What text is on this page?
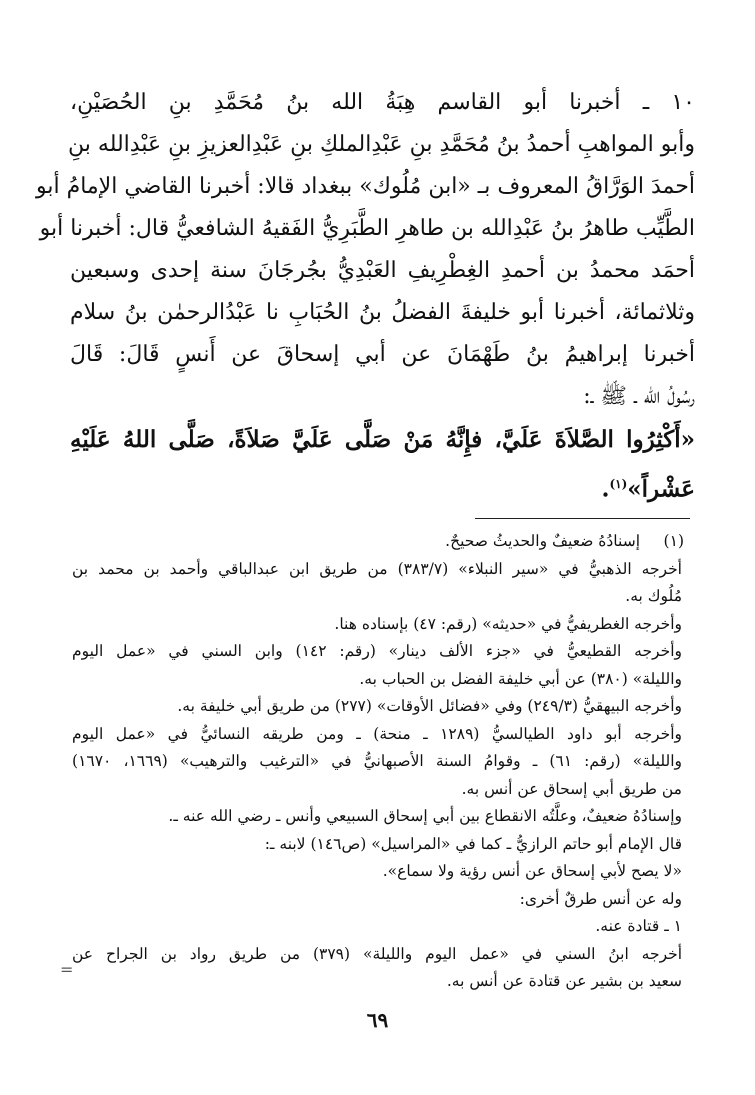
١٠ ـ أخبرنا أبو القاسم هِبَةُ الله بنُ مُحَمَّدِ بنِ الحُصَيْنِ،
وأبو المواهبِ أحمدُ بنُ مُحَمَّدِ بنِ عَبْدِالملكِ بنِ عَبْدِالعزيزِ بنِ عَبْدِالله بنِ
أحمدَ الوَرَّاقُ المعروف بـ «ابن مُلُوك» ببغداد قالا: أخبرنا القاضي الإمامُ أبو
الطَّيِّب طاهرُ بنُ عَبْدِالله بن طاهرِ الطَّبَرِيُّ الفَقيهُ الشافعيُّ قال: أخبرنا أبو
أحمَد محمدُ بن أحمدِ الغِطْرِيفِ العَبْدِيُّ بجُرجَانَ سنة إحدى وسبعين
وثلاثمائة، أخبرنا أبو خليفةَ الفضلُ بنُ الحُبَابِ نا عَبْدُالرحمٰن بنُ سلام
أخبرنا إبراهيمُ بنُ طَهْمَانَ عن أبي إسحاقَ عن أَنسٍ قَالَ: قَالَ
رسُولُ الله ـ ﷺ ـ:
«أَكْثِرُوا الصَّلاَةَ عَلَيَّ، فإِنَّهُ مَنْ صَلَّى عَلَيَّ صَلاَةً، صَلَّى اللهُ عَلَيْهِ
عَشْراً»$^{(١)}$.
(١)
إسنادُهُ ضعيفٌ والحديثُ صحيحٌ.
أخرجه الذهبيُّ في «سير النبلاء» (٣٨٣/٧) من طريق ابن عبدالباقي وأحمد بن محمد بن
مُلُوك به.
وأخرجه الغطريفيُّ في «حديثه» (رقم: ٤٧) بإسناده هنا.
وأخرجه القطيعيُّ في «جزء الألف دينار» (رقم: ١٤٢) وابن السني في «عمل اليوم
والليلة» (٣٨٠) عن أبي خليفة الفضل بن الحباب به.
وأخرجه البيهقيُّ (٢٤٩/٣) وفي «فضائل الأوقات» (٢٧٧) من طريق أبي خليفة به.
وأخرجه أبو داود الطيالسيُّ (١٢٨٩ ـ منحة) ـ ومن طريقه النسائيُّ في «عمل اليوم
والليلة» (رقم: ٦١) ـ وقوامُ السنة الأصبهانيُّ في «الترغيب والترهيب» (١٦٦٩، ١٦٧٠)
من طريق أبي إسحاق عن أنس به.
وإسنادُهُ ضعيفٌ، وعلَّتُه الانقطاع بين أبي إسحاق السبيعي وأنس ـ رضي الله عنه ـ.
قال الإمام أبو حاتم الرازيُّ ـ كما في «المراسيل» (ص١٤٦) لابنه ـ:
«لا يصح لأبي إسحاق عن أنس رؤية ولا سماع».
وله عن أنس طرقٌ أخرى:
١ ـ قتادة عنه.
أخرجه ابنُ السني في «عمل اليوم والليلة» (٣٧٩) من طريق رواد بن الجراح عن
سعيد بن بشير عن قتادة عن أنس به.
=
٦٩
